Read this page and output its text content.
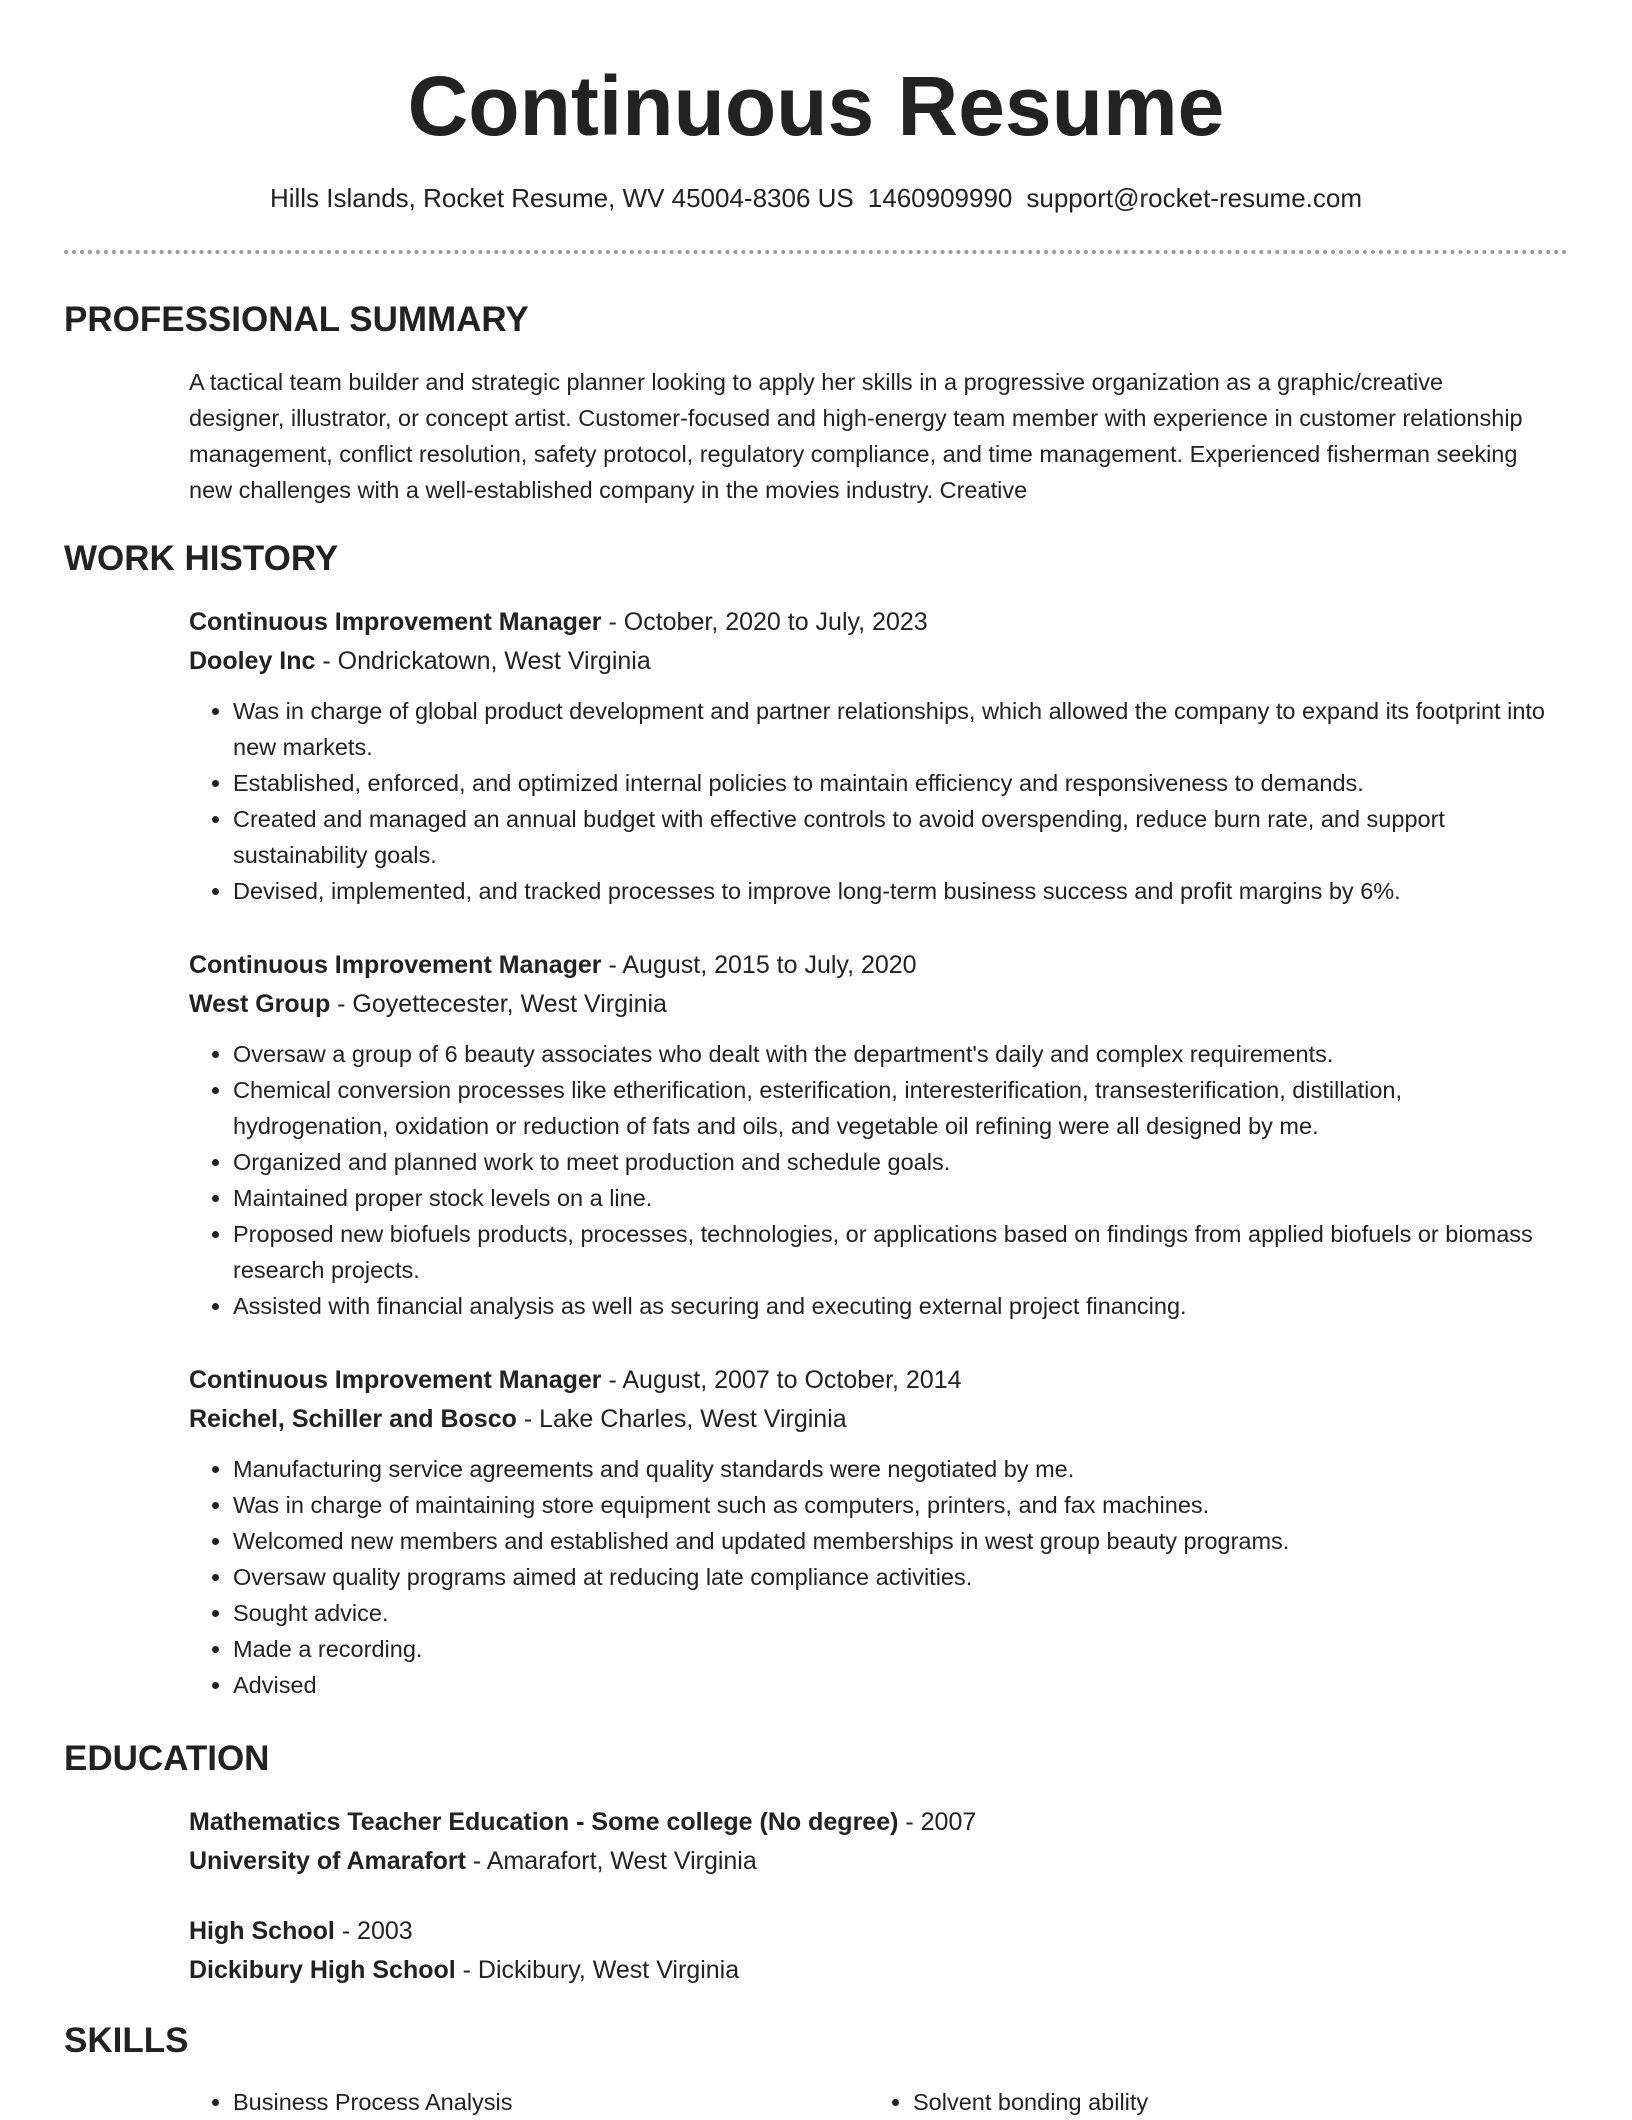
Continuous Resume
Hills Islands, Rocket Resume, WV 45004-8306 US 1460909990 support@rocket-resume.com
PROFESSIONAL SUMMARY

A tactical team builder and strategic planner looking to apply her skills in a progressive organization as a graphic/creative designer, illustrator, or concept artist. Customer-focused and high-energy team member with experience in customer relationship management, conflict resolution, safety protocol, regulatory compliance, and time management. Experienced fisherman seeking new challenges with a well-established company in the movies industry. Creative

WORK HISTORY
Continuous Improvement Manager - October, 2020 to July, 2023
Dooley Inc - Ondrickatown, West Virginia
• Was in charge of global product development and partner relationships, which allowed the company to expand its footprint into new markets.
• Established, enforced, and optimized internal policies to maintain efficiency and responsiveness to demands.
• Created and managed an annual budget with effective controls to avoid overspending, reduce burn rate, and support sustainability goals.
• Devised, implemented, and tracked processes to improve long-term business success and profit margins by 6%.
Continuous Improvement Manager - August, 2015 to July, 2020
West Group - Goyettecester, West Virginia
• Oversaw a group of 6 beauty associates who dealt with the department's daily and complex requirements.
• Chemical conversion processes like etherification, esterification, interesterification, transesterification, distillation, hydrogenation, oxidation or reduction of fats and oils, and vegetable oil refining were all designed by me.
• Organized and planned work to meet production and schedule goals.
• Maintained proper stock levels on a line.
• Proposed new biofuels products, processes, technologies, or applications based on findings from applied biofuels or biomass research projects.
• Assisted with financial analysis as well as securing and executing external project financing.
Continuous Improvement Manager - August, 2007 to October, 2014
Reichel, Schiller and Bosco - Lake Charles, West Virginia
• Manufacturing service agreements and quality standards were negotiated by me.
• Was in charge of maintaining store equipment such as computers, printers, and fax machines.
• Welcomed new members and established and updated memberships in west group beauty programs.
• Oversaw quality programs aimed at reducing late compliance activities.
• Sought advice.
• Made a recording.
• Advised
EDUCATION
Mathematics Teacher Education - Some college (No degree) - 2007
University of Amarafort - Amarafort, West Virginia
High School - 2003
Dickibury High School - Dickibury, West Virginia
SKILLS
• Business Process Analysis
•	Solvent bonding ability
